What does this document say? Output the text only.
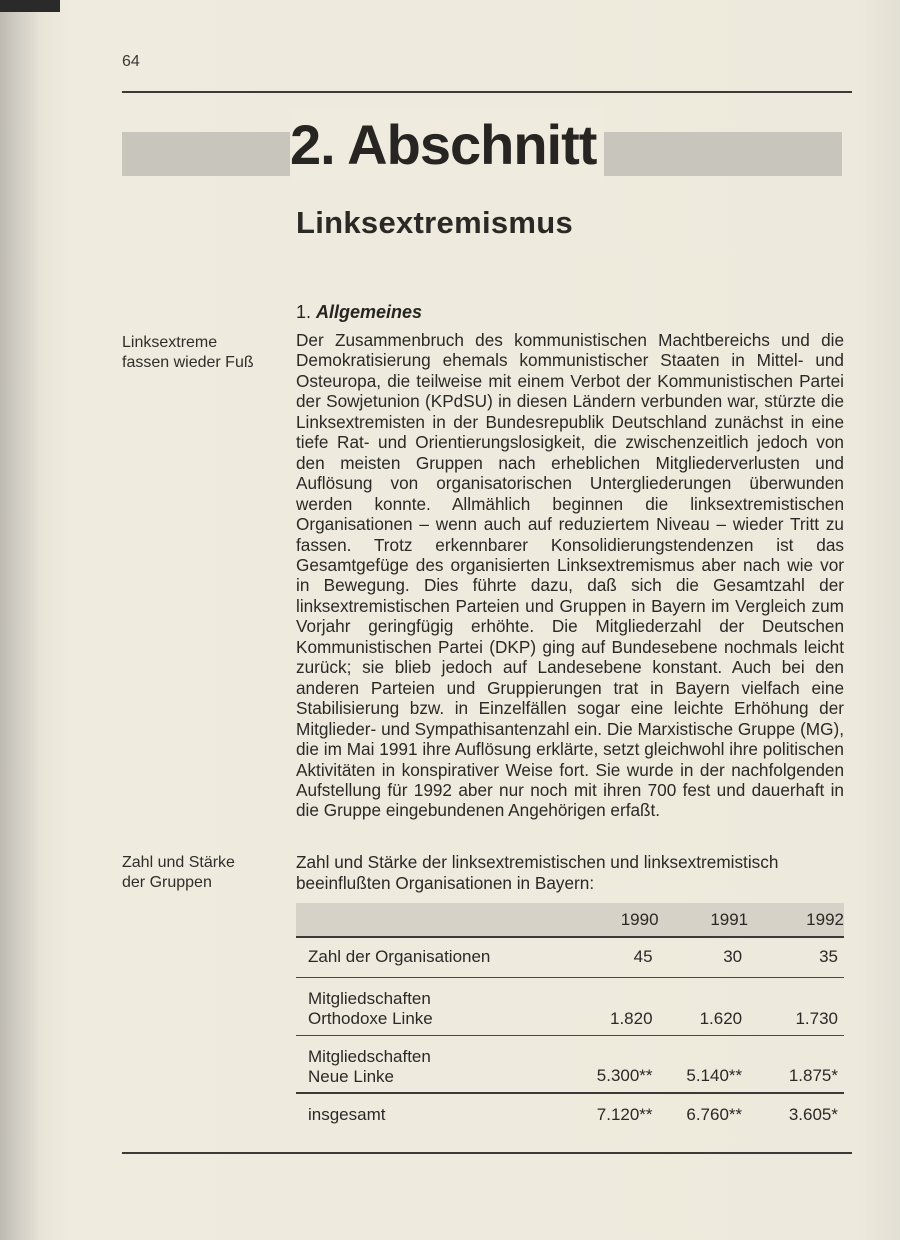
64
2. Abschnitt
Linksextremismus
Linksextreme
fassen wieder Fuß
1. Allgemeines

Der Zusammenbruch des kommunistischen Machtbereichs und die Demokratisierung ehemals kommunistischer Staaten in Mittel- und Osteuropa, die teilweise mit einem Verbot der Kommunistischen Partei der Sowjetunion (KPdSU) in diesen Ländern verbunden war, stürzte die Linksextremisten in der Bundesrepublik Deutschland zunächst in eine tiefe Rat- und Orientierungslosigkeit, die zwischenzeitlich jedoch von den meisten Gruppen nach erheblichen Mitgliederverlusten und Auflösung von organisatorischen Untergliederungen überwunden werden konnte. Allmählich beginnen die linksextremistischen Organisationen – wenn auch auf reduziertem Niveau – wieder Tritt zu fassen. Trotz erkennbarer Konsolidierungstendenzen ist das Gesamtgefüge des organisierten Linksextremismus aber nach wie vor in Bewegung. Dies führte dazu, daß sich die Gesamtzahl der linksextremistischen Parteien und Gruppen in Bayern im Vergleich zum Vorjahr geringfügig erhöhte. Die Mitgliederzahl der Deutschen Kommunistischen Partei (DKP) ging auf Bundesebene nochmals leicht zurück; sie blieb jedoch auf Landesebene konstant. Auch bei den anderen Parteien und Gruppierungen trat in Bayern vielfach eine Stabilisierung bzw. in Einzelfällen sogar eine leichte Erhöhung der Mitglieder- und Sympathisantenzahl ein. Die Marxistische Gruppe (MG), die im Mai 1991 ihre Auflösung erklärte, setzt gleichwohl ihre politischen Aktivitäten in konspirativer Weise fort. Sie wurde in der nachfolgenden Aufstellung für 1992 aber nur noch mit ihren 700 fest und dauerhaft in die Gruppe eingebundenen Angehörigen erfaßt.

Zahl und Stärke
der Gruppen

Zahl und Stärke der linksextremistischen und linksextremistisch beeinflußten Organisationen in Bayern:

	1990	1991	1992
Zahl der Organisationen	45	30	35

Mitgliedschaften
Orthodoxe Linke	1.820	1.620	1.730

Mitgliedschaften
Neue Linke	5.300**	5.140**	1.875*
insgesamt	7.120**	6.760**	3.605*
